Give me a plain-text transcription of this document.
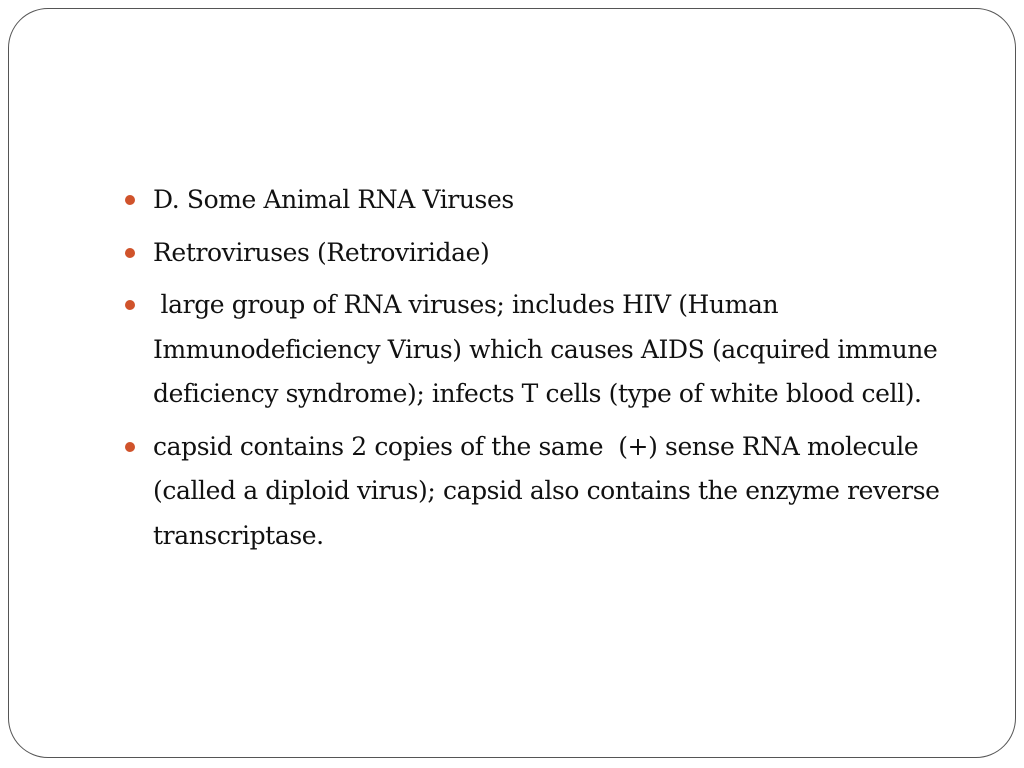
D. Some Animal RNA Viruses
Retroviruses (Retroviridae)
large group of RNA viruses; includes HIV (Human Immunodeficiency Virus) which causes AIDS (acquired immune deficiency syndrome); infects T cells (type of white blood cell).
capsid contains 2 copies of the same  (+) sense RNA molecule (called a diploid virus); capsid also contains the enzyme reverse transcriptase.
